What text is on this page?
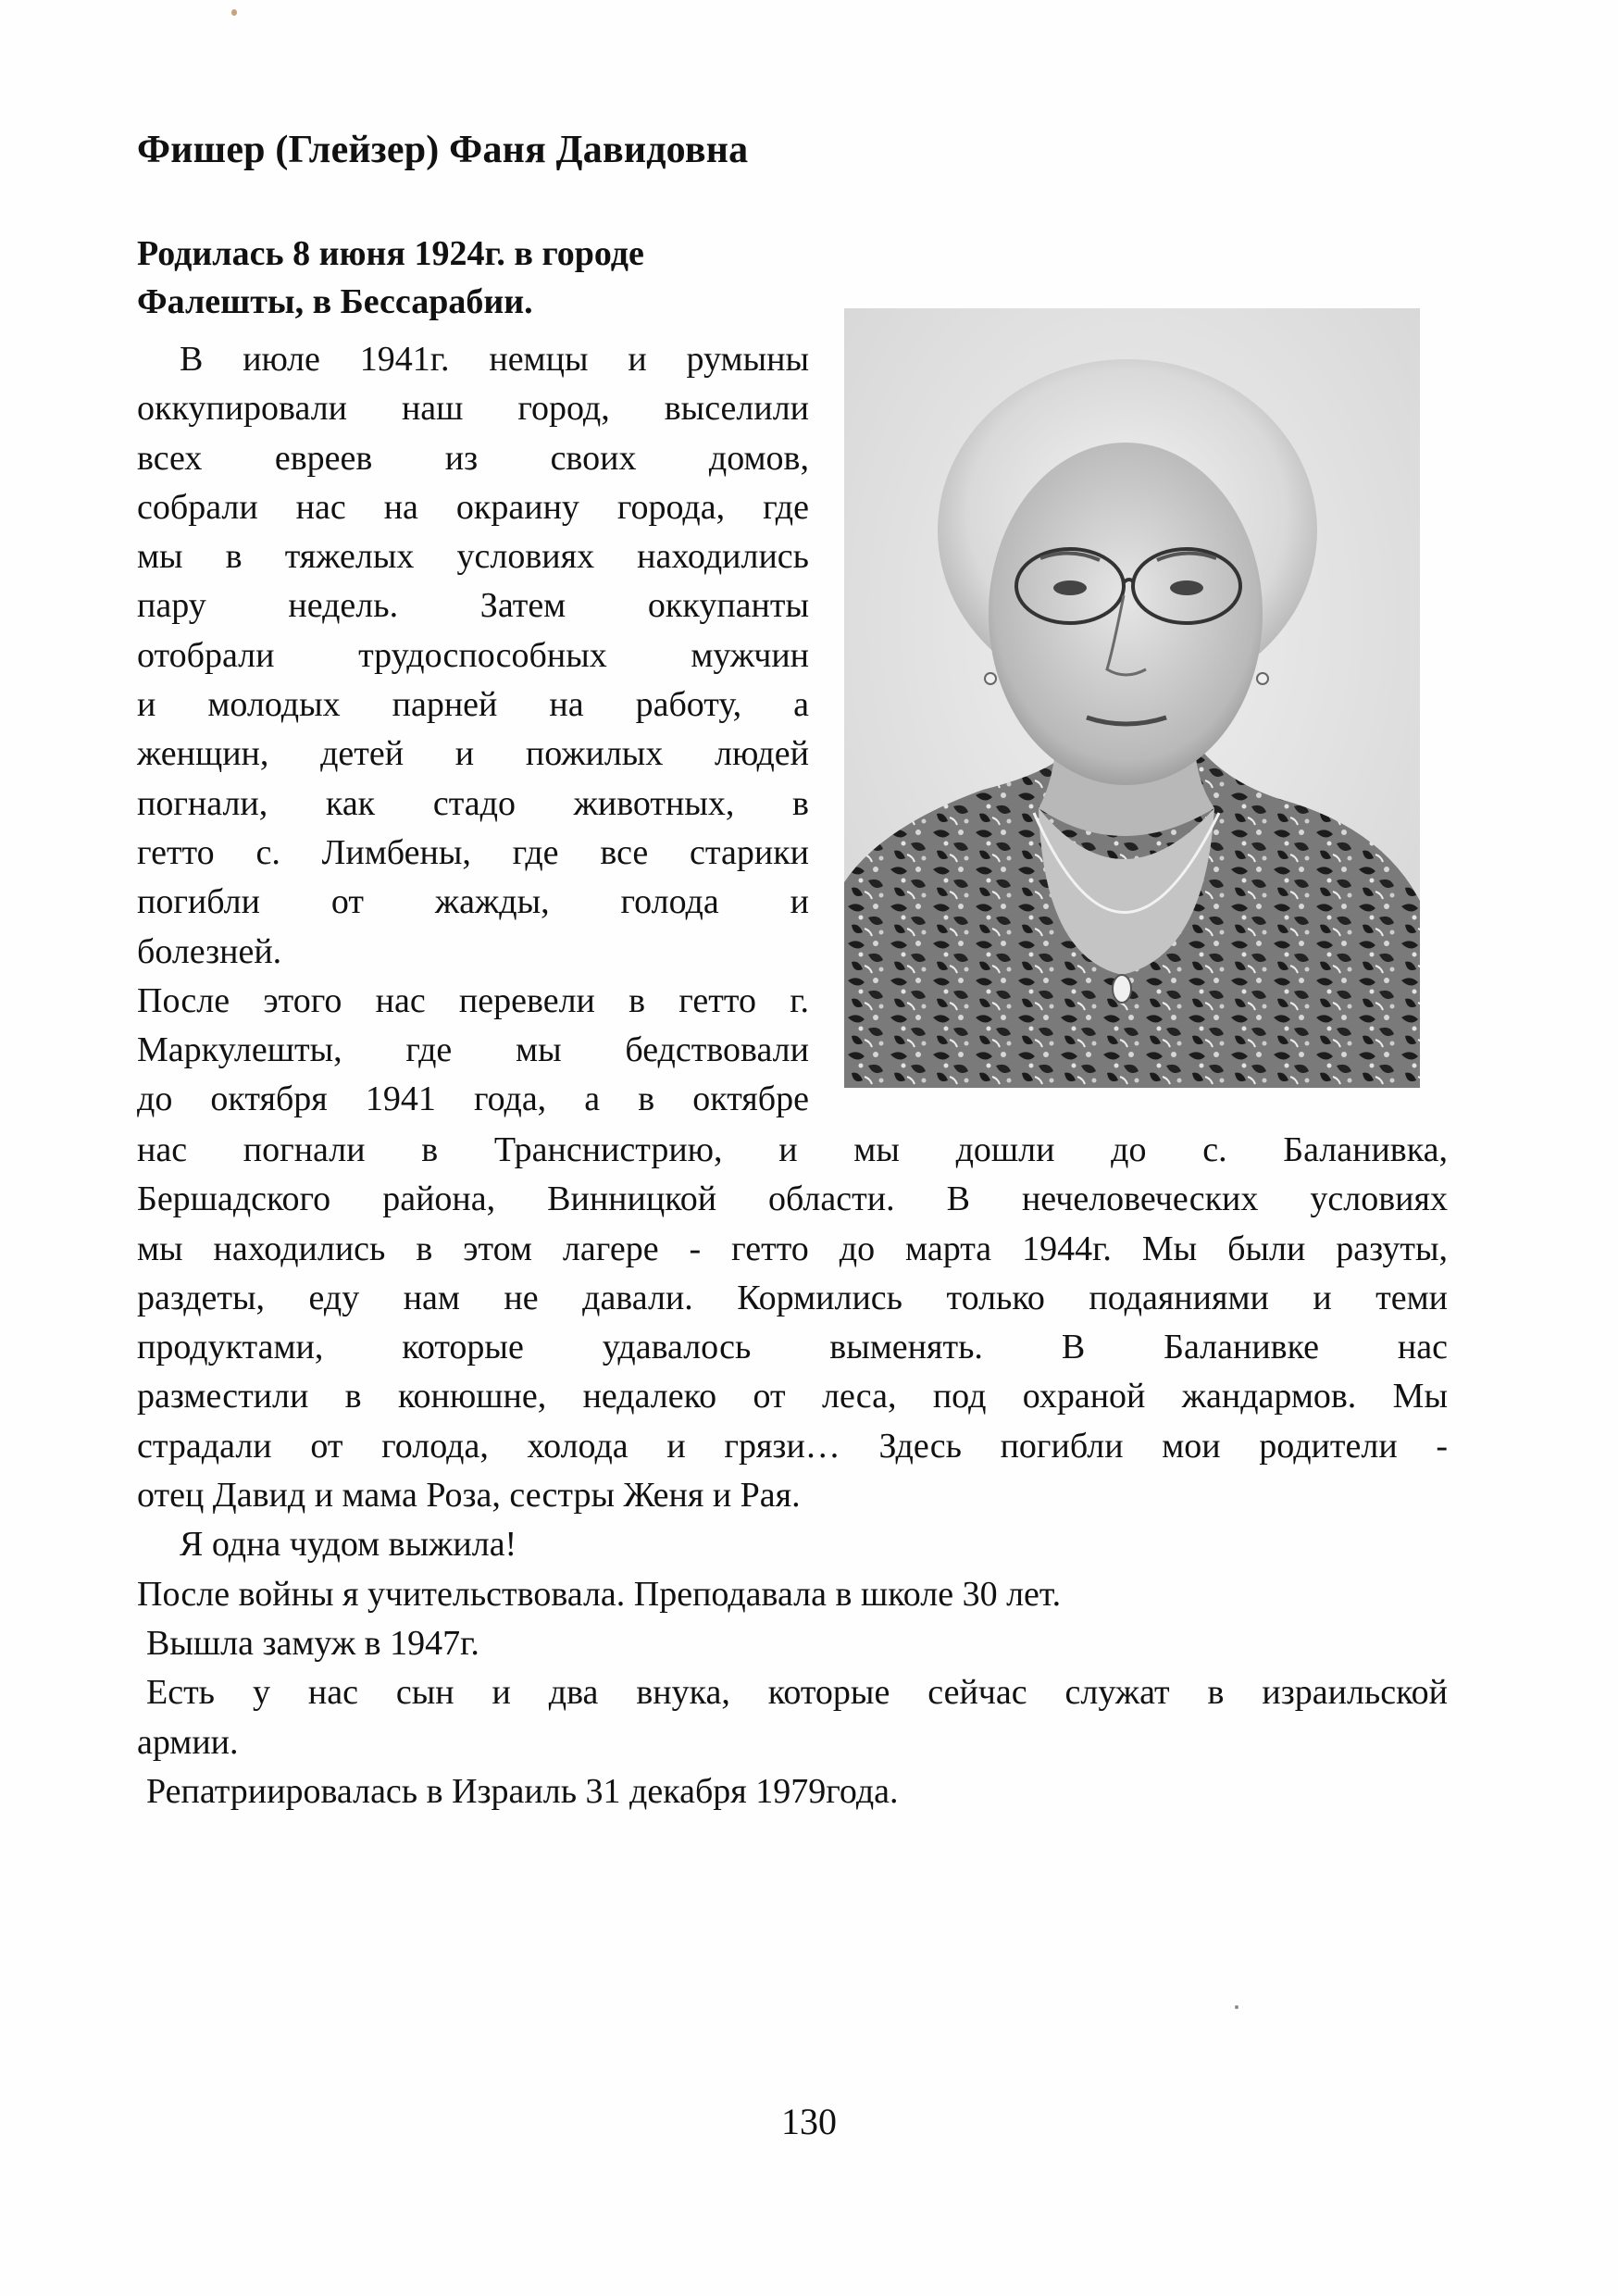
Фишер (Глейзер) Фаня Давидовна
Родилась 8 июня 1924г. в городе
Фалешты, в Бессарабии.
В июле 1941г. немцы и румыны
оккупировали наш город, выселили
всех евреев из своих домов,
собрали нас на окраину города, где
мы в тяжелых условиях находились
пару недель. Затем оккупанты
отобрали трудоспособных мужчин
и молодых парней на работу, а
женщин, детей и пожилых людей
погнали, как стадо животных, в
гетто с. Лимбены, где все старики
погибли от жажды, голода и
болезней.
После этого нас перевели в гетто г.
Маркулешты, где мы бедствовали
до октября 1941 года, а в октябре
нас погнали в Транснистрию, и мы дошли до с. Баланивка,
Бершадского района, Винницкой области. В нечеловеческих условиях
мы находились в этом лагере - гетто до марта 1944г. Мы были разуты,
раздеты, еду нам не давали. Кормились только подаяниями и теми
продуктами, которые удавалось выменять. В Баланивке нас
разместили в конюшне, недалеко от леса, под охраной жандармов. Мы
страдали от голода, холода и грязи… Здесь погибли мои родители -
отец Давид и мама Роза, сестры Женя и Рая.
Я одна чудом выжила!
После войны я учительствовала. Преподавала в школе 30 лет.
Вышла замуж в 1947г.
Есть у нас сын и два внука, которые сейчас служат в израильской
армии.
Репатриировалась в Израиль 31 декабря 1979года.
130
